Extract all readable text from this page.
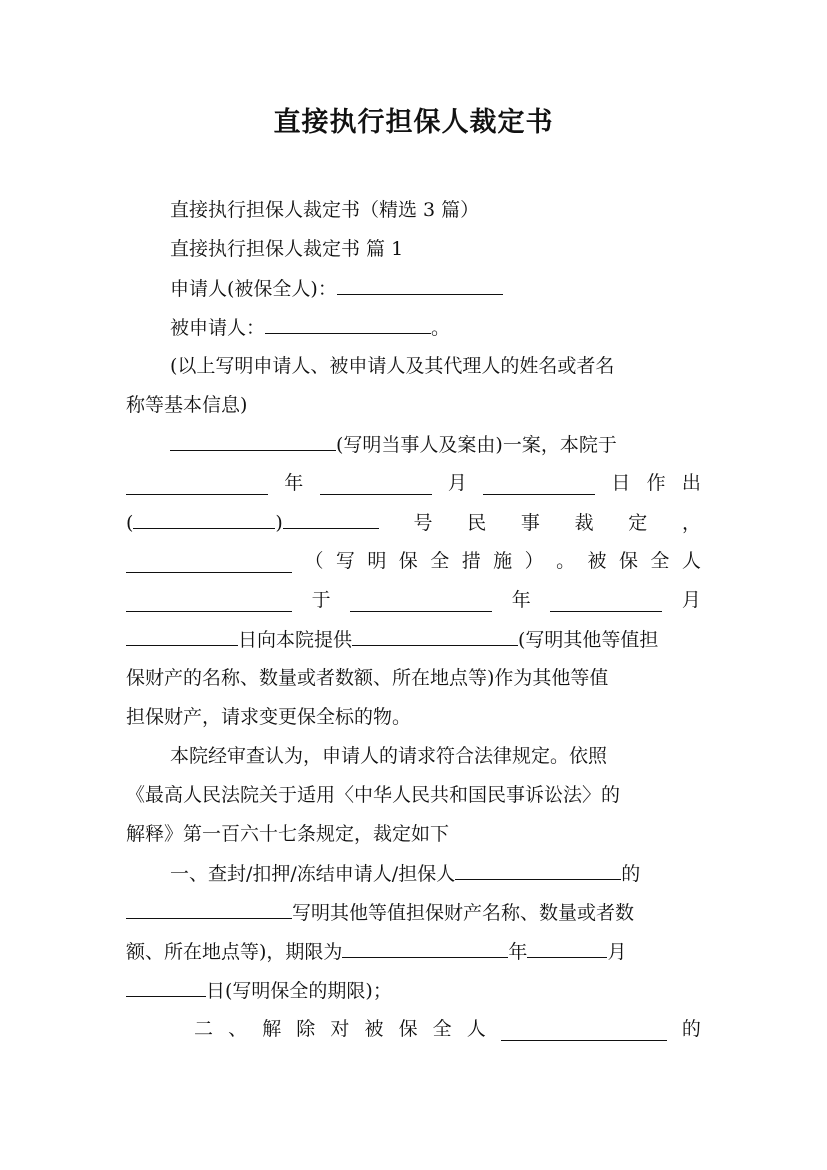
直接执行担保人裁定书
直接执行担保人裁定书（精选 3 篇）
直接执行担保人裁定书 篇 1
申请人(被保全人)：
被申请人：	。
(以上写明申请人、被申请人及其代理人的姓名或者名
称等基本信息)
(写明当事人及案由)一案，本院于
年	月	日 作 出
(	)	号 民 事 裁 定 ，
（ 写 明 保 全 措 施 ） 。 被 保 全 人
于	年	月
日向本院提供	(写明其他等值担
保财产的名称、数量或者数额、所在地点等)作为其他等值
担保财产，请求变更保全标的物。
本院经审查认为，申请人的请求符合法律规定。依照
《最高人民法院关于适用〈中华人民共和国民事诉讼法〉的
解释》第一百六十七条规定，裁定如下
一、查封/扣押/冻结申请人/担保人	的
写明其他等值担保财产名称、数量或者数
额、所在地点等)，期限为	年	月
日(写明保全的期限)；
二 、 解 除 对 被 保 全 人	的
